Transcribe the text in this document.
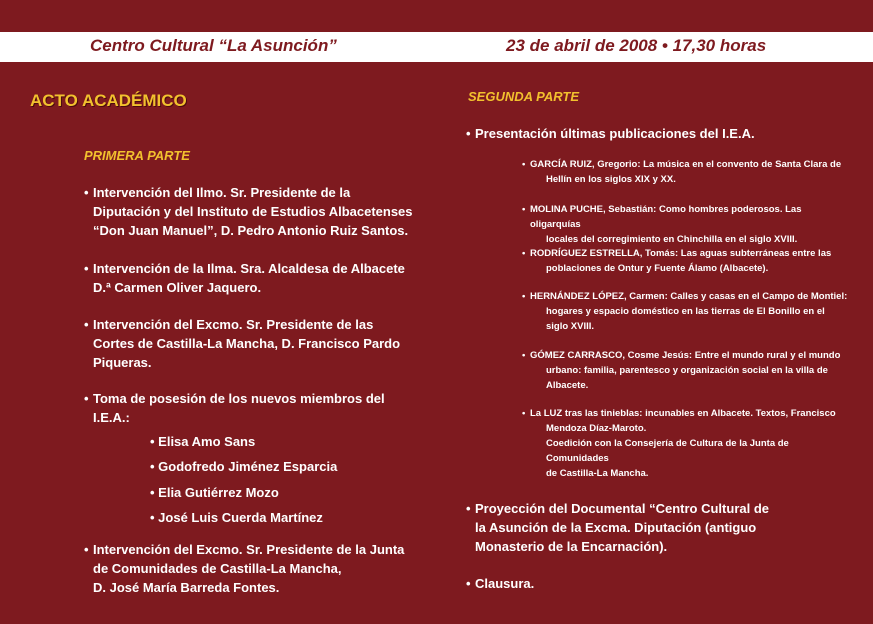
Centro Cultural “La Asunción”	23 de abril de 2008 • 17,30 horas
ACTO ACADÉMICO
PRIMERA PARTE
• Intervención del Ilmo. Sr. Presidente de la
Diputación y del Instituto de Estudios Albacetenses
“Don Juan Manuel”, D. Pedro Antonio Ruiz Santos.
• Intervención de la Ilma. Sra. Alcaldesa de Albacete
D.ª Carmen Oliver Jaquero.
• Intervención del Excmo. Sr. Presidente de las
Cortes de Castilla-La Mancha, D. Francisco Pardo
Piqueras.
• Toma de posesión de los nuevos miembros del
I.E.A.:
• Elisa Amo Sans
• Godofredo Jiménez Esparcia
• Elia Gutiérrez Mozo
• José Luis Cuerda Martínez
• Intervención del Excmo. Sr. Presidente de la Junta
de Comunidades de Castilla-La Mancha,
D. José María Barreda Fontes.
SEGUNDA PARTE
• Presentación últimas publicaciones del I.E.A.
• GARCÍA RUIZ, Gregorio: La música en el convento de Santa Clara de
Hellín en los siglos XIX y XX.
• MOLINA PUCHE, Sebastián: Como hombres poderosos. Las oligarquías
locales del corregimiento en Chinchilla en el siglo XVIII.
• RODRÍGUEZ ESTRELLA, Tomás: Las aguas subterráneas entre las
poblaciones de Ontur y Fuente Álamo (Albacete).
• HERNÁNDEZ LÓPEZ, Carmen: Calles y casas en el Campo de Montiel:
hogares y espacio doméstico en las tierras de El Bonillo en el
siglo XVIII.
• GÓMEZ CARRASCO, Cosme Jesús: Entre el mundo rural y el mundo
urbano: familia, parentesco y organización social en la villa de
Albacete.
• La LUZ tras las tinieblas: incunables en Albacete. Textos, Francisco
Mendoza Díaz-Maroto.
Coedición con la Consejería de Cultura de la Junta de Comunidades
de Castilla-La Mancha.
• Proyección del Documental “Centro Cultural de
la Asunción de la Excma. Diputación (antiguo
Monasterio de la Encarnación).
• Clausura.
